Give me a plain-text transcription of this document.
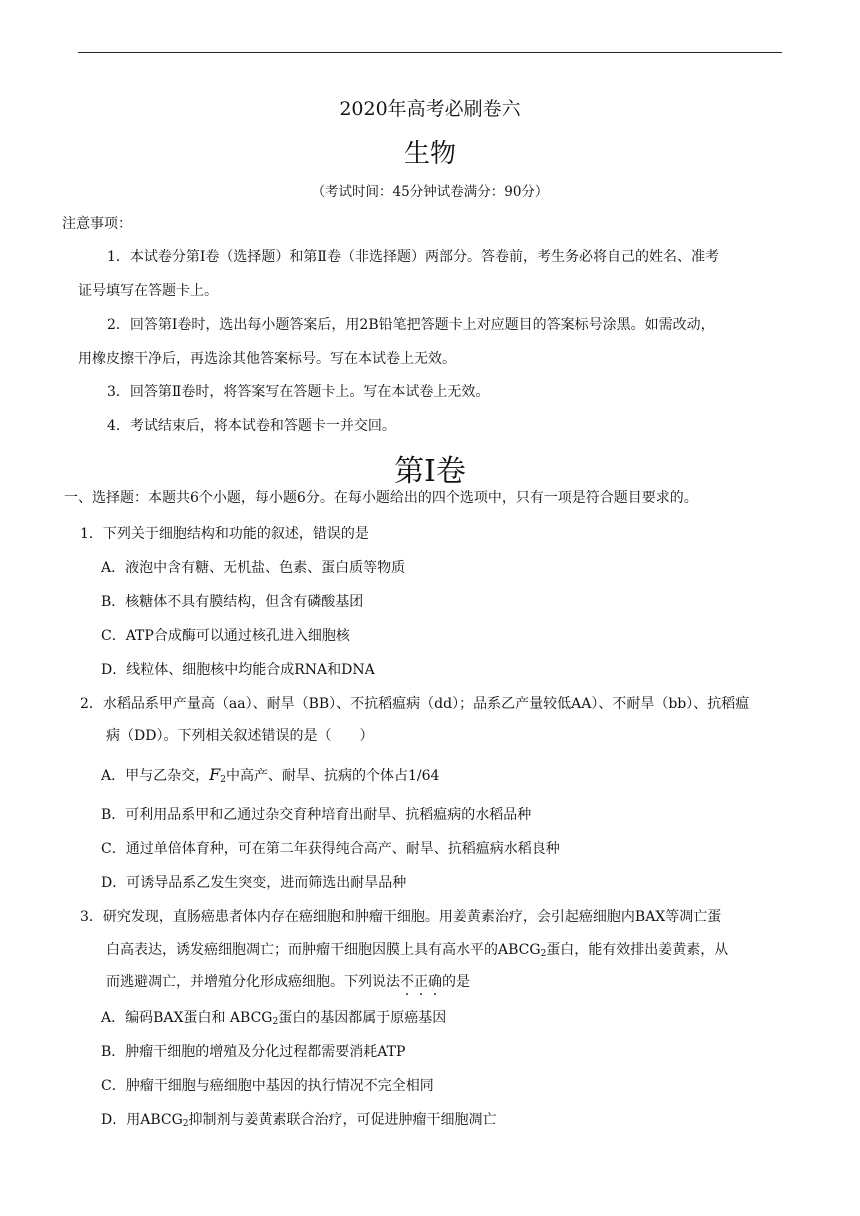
2020年高考必刷卷六
生物
（考试时间：45分钟试卷满分：90分）
注意事项：
1．本试卷分第Ⅰ卷（选择题）和第Ⅱ卷（非选择题）两部分。答卷前，考生务必将自己的姓名、准考
证号填写在答题卡上。
2．回答第Ⅰ卷时，选出每小题答案后，用2B铅笔把答题卡上对应题目的答案标号涂黑。如需改动，
用橡皮擦干净后，再选涂其他答案标号。写在本试卷上无效。
3．回答第Ⅱ卷时，将答案写在答题卡上。写在本试卷上无效。
4．考试结束后，将本试卷和答题卡一并交回。
第Ⅰ卷
一、选择题：本题共6个小题，每小题6分。在每小题给出的四个选项中，只有一项是符合题目要求的。
1．下列关于细胞结构和功能的叙述，错误的是
A．液泡中含有糖、无机盐、色素、蛋白质等物质
B．核糖体不具有膜结构，但含有磷酸基团
C．ATP合成酶可以通过核孔进入细胞核
D．线粒体、细胞核中均能合成RNA和DNA
2．水稻品系甲产量高（aa）、耐旱（BB）、不抗稻瘟病（dd）；品系乙产量较低AA）、不耐旱（bb）、抗稻瘟
病（DD）。下列相关叙述错误的是（　　）
A．甲与乙杂交，$F_2$中高产、耐旱、抗病的个体占1/64
B．可利用品系甲和乙通过杂交育种培育出耐旱、抗稻瘟病的水稻品种
C．通过单倍体育种，可在第二年获得纯合高产、耐旱、抗稻瘟病水稻良种
D．可诱导品系乙发生突变，进而筛选出耐旱品种
3．研究发现，直肠癌患者体内存在癌细胞和肿瘤干细胞。用姜黄素治疗，会引起癌细胞内BAX等凋亡蛋
白高表达，诱发癌细胞凋亡；而肿瘤干细胞因膜上具有高水平的$ABCG_2$蛋白，能有效排出姜黄素，从
而逃避凋亡，并增殖分化形成癌细胞。下列说法不正确的是
A．编码BAX蛋白和 $ABCG_2$蛋白的基因都属于原癌基因
B．肿瘤干细胞的增殖及分化过程都需要消耗ATP
C．肿瘤干细胞与癌细胞中基因的执行情况不完全相同
D．用$ABCG_2$抑制剂与姜黄素联合治疗，可促进肿瘤干细胞凋亡
